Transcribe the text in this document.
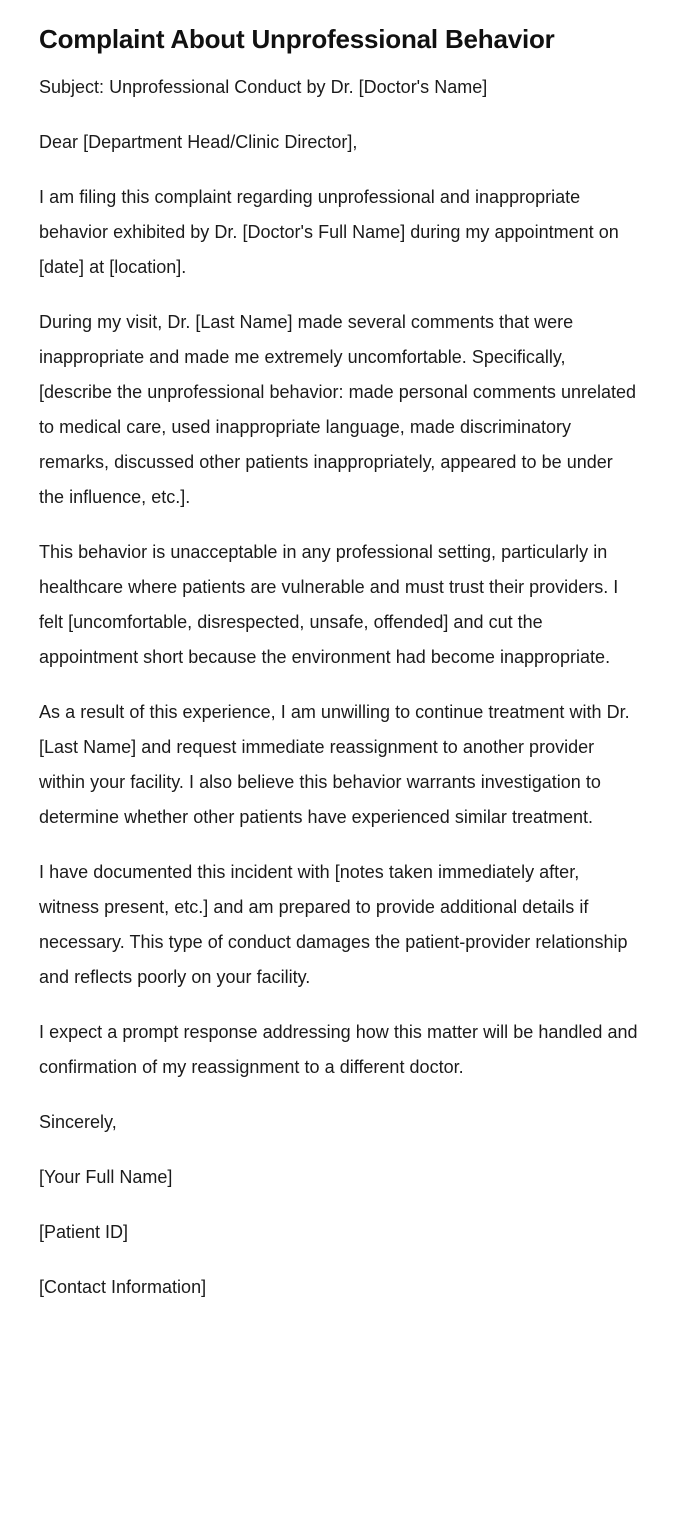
Complaint About Unprofessional Behavior

Subject: Unprofessional Conduct by Dr. [Doctor's Name]

Dear [Department Head/Clinic Director],

I am filing this complaint regarding unprofessional and inappropriate behavior exhibited by Dr. [Doctor's Full Name] during my appointment on [date] at [location].

During my visit, Dr. [Last Name] made several comments that were inappropriate and made me extremely uncomfortable. Specifically, [describe the unprofessional behavior: made personal comments unrelated to medical care, used inappropriate language, made discriminatory remarks, discussed other patients inappropriately, appeared to be under the influence, etc.].

This behavior is unacceptable in any professional setting, particularly in healthcare where patients are vulnerable and must trust their providers. I felt [uncomfortable, disrespected, unsafe, offended] and cut the appointment short because the environment had become inappropriate.

As a result of this experience, I am unwilling to continue treatment with Dr. [Last Name] and request immediate reassignment to another provider within your facility. I also believe this behavior warrants investigation to determine whether other patients have experienced similar treatment.

I have documented this incident with [notes taken immediately after, witness present, etc.] and am prepared to provide additional details if necessary. This type of conduct damages the patient-provider relationship and reflects poorly on your facility.

I expect a prompt response addressing how this matter will be handled and confirmation of my reassignment to a different doctor.

Sincerely,

[Your Full Name]

[Patient ID]

[Contact Information]
